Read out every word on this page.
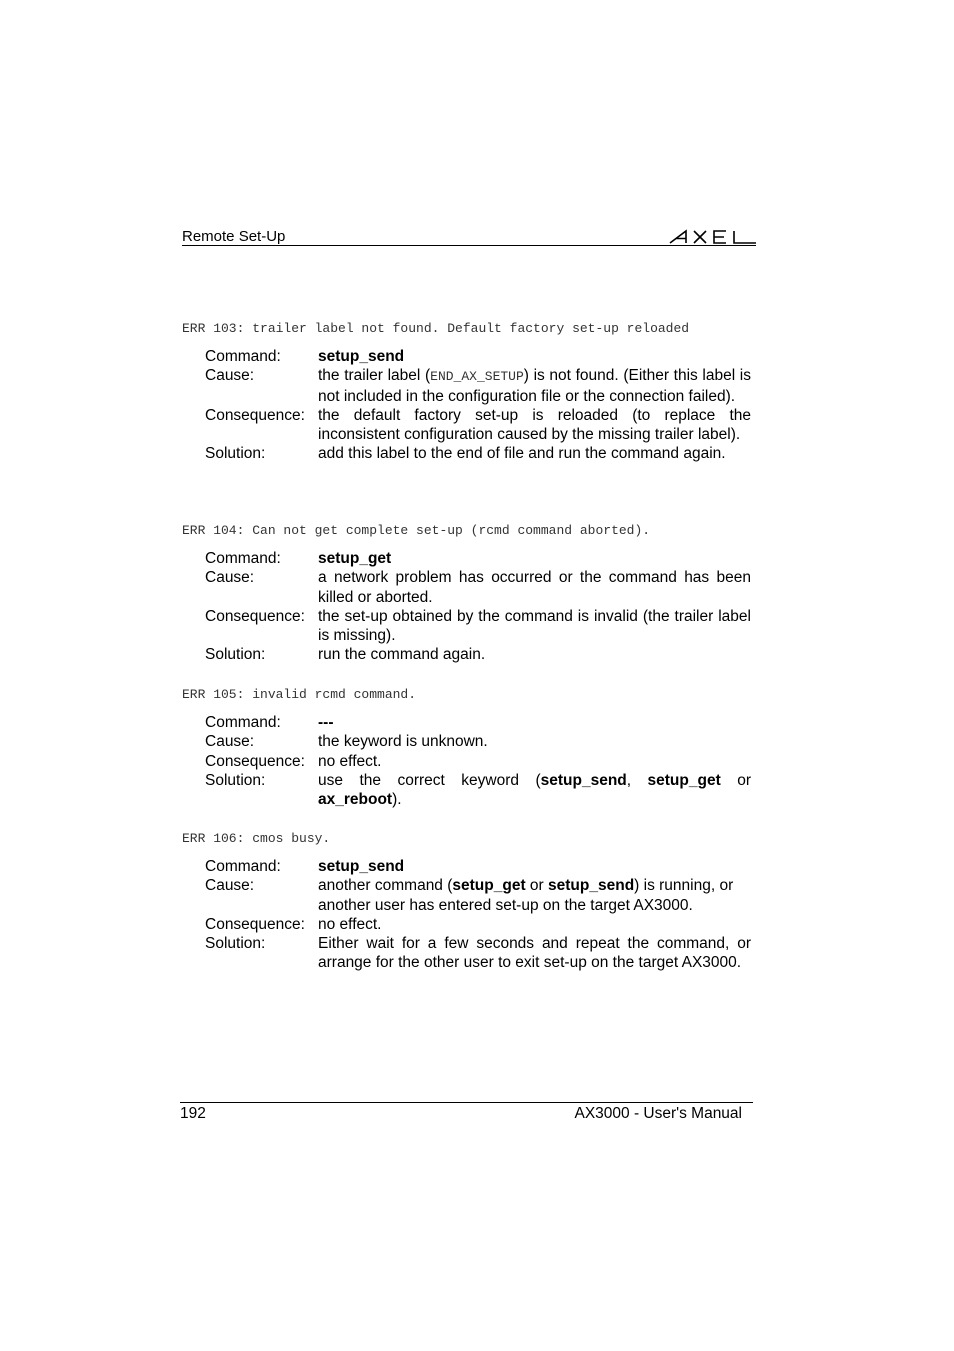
Remote Set-Up
ERR 103: trailer label not found. Default factory set-up reloaded
Command:	setup_send
Cause:	the trailer label (END_AX_SETUP) is not found. (Either this label is not included in the configuration file or the connection failed).
Consequence: the default factory set-up is reloaded (to replace the inconsistent configuration caused by the missing trailer label).
Solution:	add this label to the end of file and run the command again.
ERR 104: Can not get complete set-up (rcmd command aborted).
Command:	setup_get
Cause:	a network problem has occurred or the command has been killed or aborted.
Consequence: the set-up obtained by the command is invalid (the trailer label is missing).
Solution:	run the command again.
ERR 105: invalid rcmd command.
Command:	---
Cause:	the keyword is unknown.
Consequence: no effect.
Solution:	use the correct keyword (setup_send, setup_get or ax_reboot).
ERR 106: cmos busy.
Command:	setup_send
Cause:	another command (setup_get or setup_send) is running, or another user has entered set-up on the target AX3000.
Consequence: no effect.
Solution:	Either wait for a few seconds and repeat the command, or arrange for the other user to exit set-up on the target AX3000.
192	AX3000 - User's Manual
